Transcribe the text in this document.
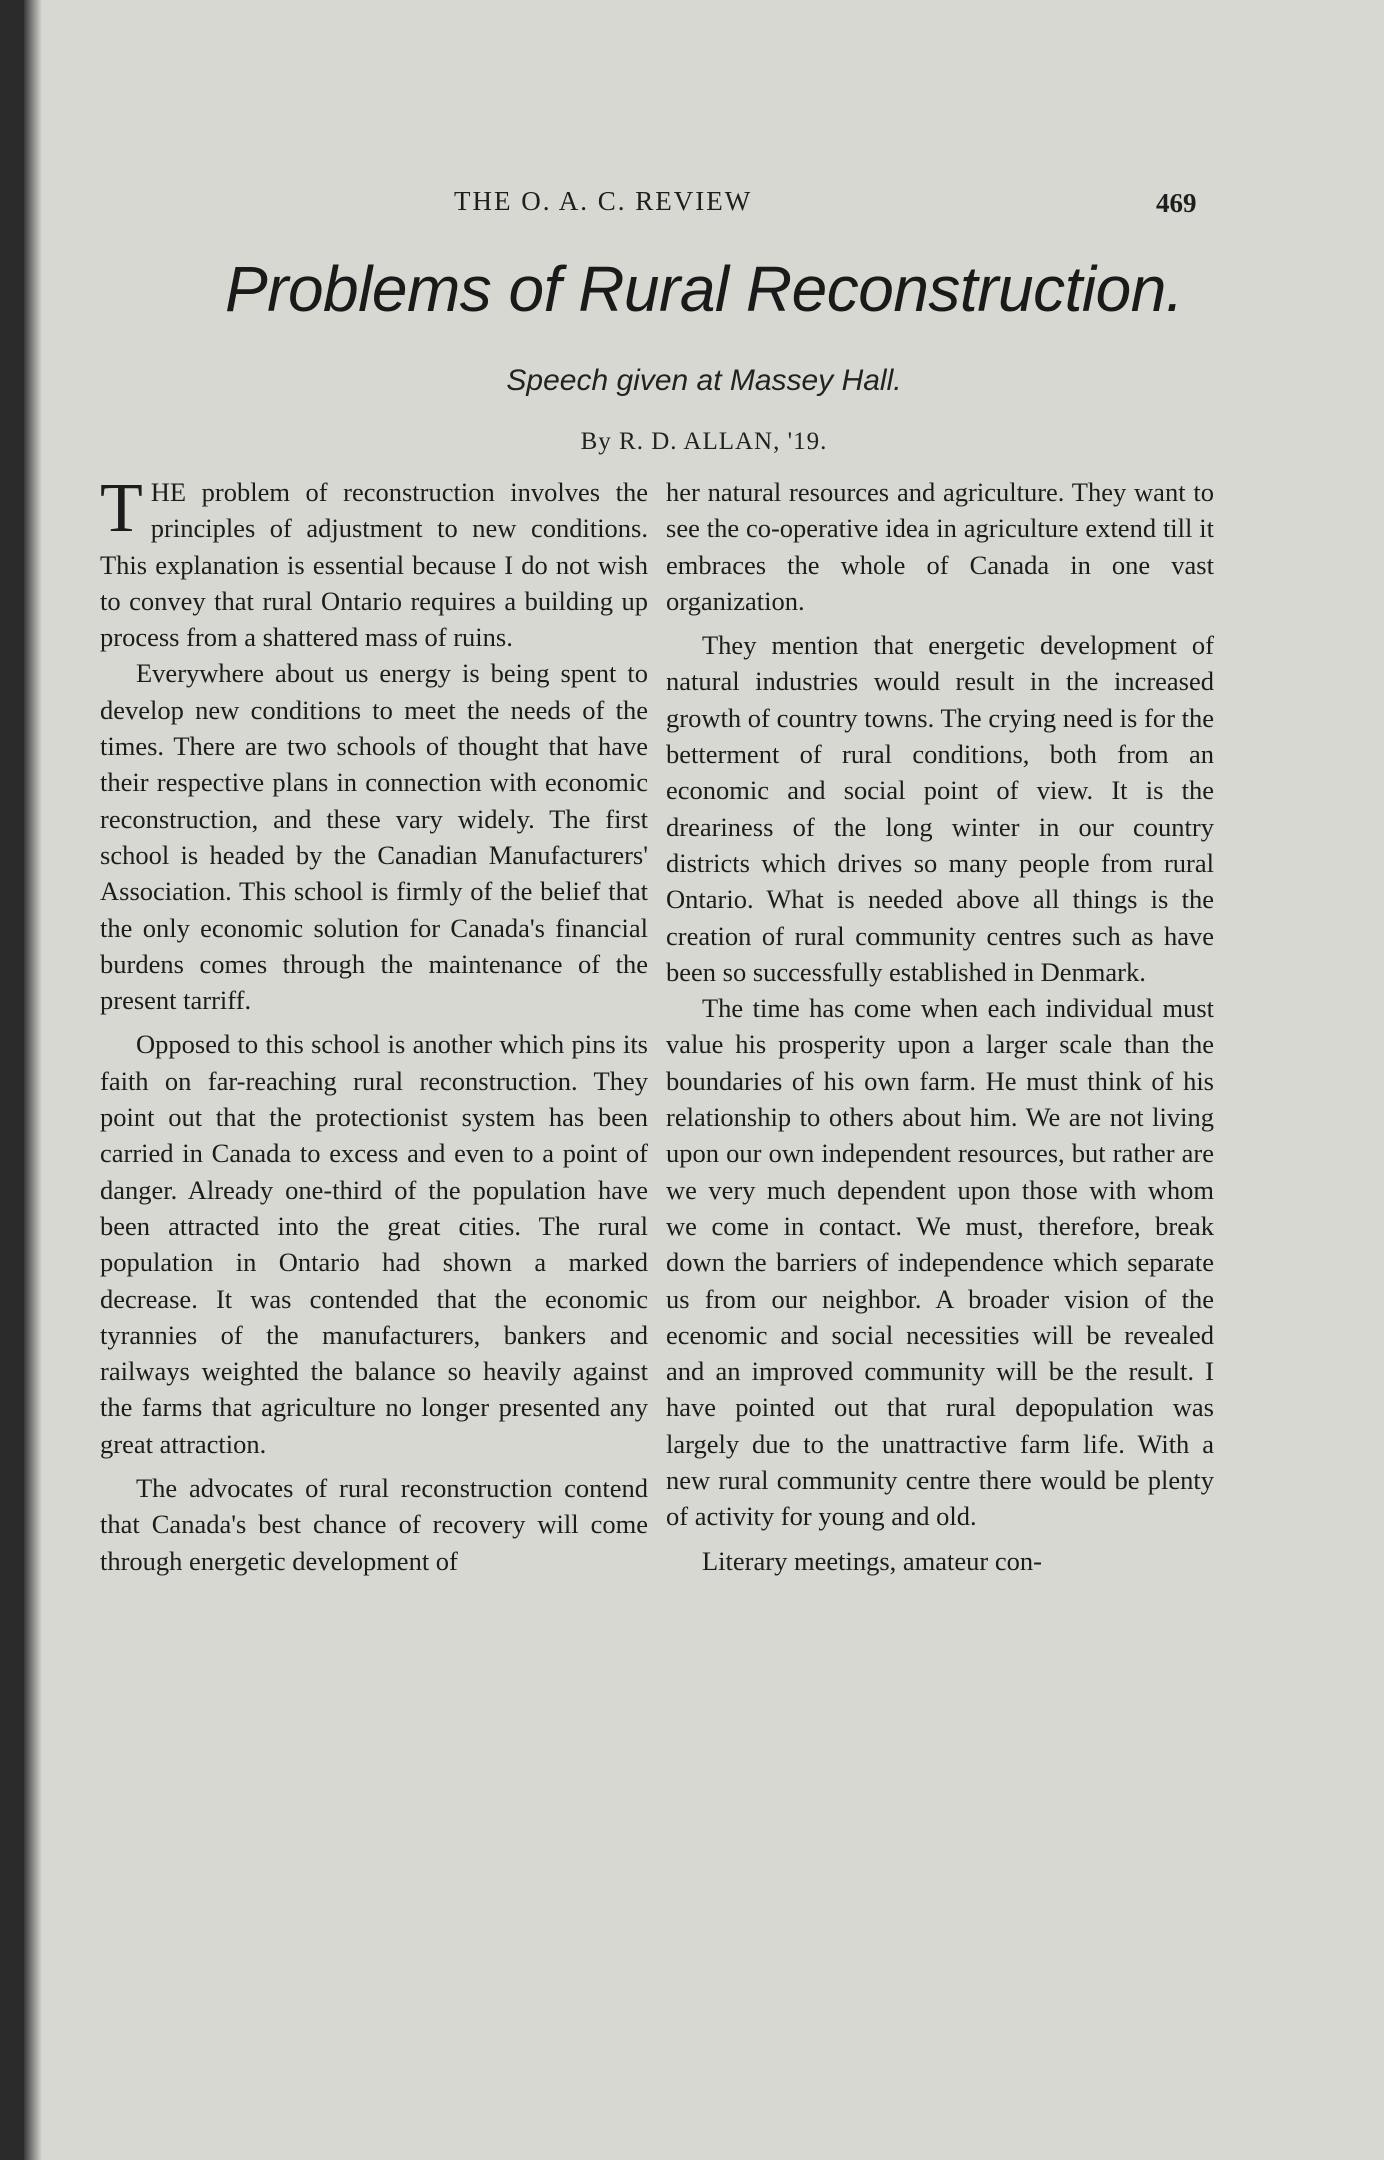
THE O. A. C. REVIEW	469
Problems of Rural Reconstruction.
Speech given at Massey Hall.
By R. D. ALLAN, '19.

THE problem of reconstruction involves the principles of adjustment to new conditions. This explanation is essential because I do not wish to convey that rural Ontario requires a building up process from a shattered mass of ruins.

Everywhere about us energy is being spent to develop new conditions to meet the needs of the times. There are two schools of thought that have their respective plans in connection with economic reconstruction, and these vary widely. The first school is headed by the Canadian Manufacturers' Association. This school is firmly of the belief that the only economic solution for Canada's financial burdens comes through the maintenance of the present tarriff.

Opposed to this school is another which pins its faith on far-reaching rural reconstruction. They point out that the protectionist system has been carried in Canada to excess and even to a point of danger. Already one-third of the population have been attracted into the great cities. The rural population in Ontario had shown a marked decrease. It was contended that the economic tyrannies of the manufacturers, bankers and railways weighted the balance so heavily against the farms that agriculture no longer presented any great attraction.

The advocates of rural reconstruction contend that Canada's best chance of recovery will come through energetic development of

her natural resources and agriculture. They want to see the co-operative idea in agriculture extend till it embraces the whole of Canada in one vast organization.

They mention that energetic development of natural industries would result in the increased growth of country towns. The crying need is for the betterment of rural conditions, both from an economic and social point of view. It is the dreariness of the long winter in our country districts which drives so many people from rural Ontario. What is needed above all things is the creation of rural community centres such as have been so successfully established in Denmark.

The time has come when each individual must value his prosperity upon a larger scale than the boundaries of his own farm. He must think of his relationship to others about him. We are not living upon our own independent resources, but rather are we very much dependent upon those with whom we come in contact. We must, therefore, break down the barriers of independence which separate us from our neighbor. A broader vision of the ecenomic and social necessities will be revealed and an improved community will be the result. I have pointed out that rural depopulation was largely due to the unattractive farm life. With a new rural community centre there would be plenty of activity for young and old.

Literary meetings, amateur con-
